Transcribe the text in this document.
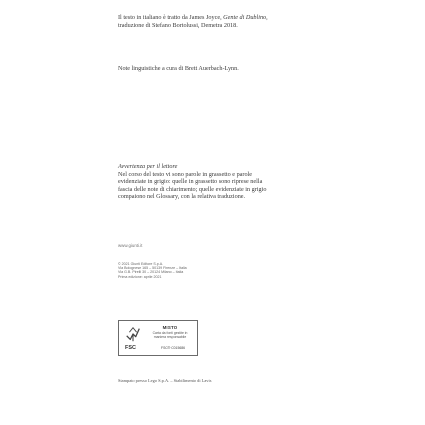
Il testo in italiano è tratto da James Joyce, Gente di Dublino,
traduzione di Stefano Bortolussi, Demetra 2018.
Note linguistiche a cura di Brett Auerbach-Lynn.
Avvertenza per il lettore
Nel corso del testo vi sono parole in grassetto e parole
evidenziate in grigio: quelle in grassetto sono riprese nella
fascia delle note di chiarimento; quelle evidenziate in grigio
compaiono nel Glossary, con la relativa traduzione.
www.giunti.it
© 2021 Giunti Editore S.p.A.
Via Bolognese 165 – 50139 Firenze – Italia
Via G.B. Pirelli 30 – 20124 Milano – Italia
Prima edizione: aprile 2021
MISTO
Carta da fonti gestite in maniera responsabile
FSC	FSC® C015686
Stampato presso Lego S.p.A. – Stabilimento di Lavis
